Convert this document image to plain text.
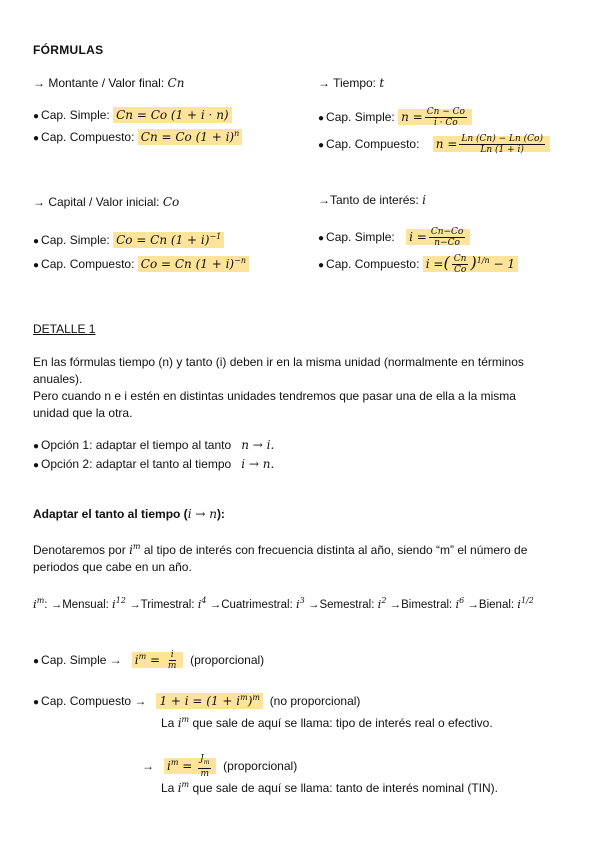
FÓRMULAS
→ Montante / Valor final: Cn
● Cap. Simple: Cn = Co (1 + i · n)
● Cap. Compuesto: Cn = Co $(1 + i)^n$
→ Tiempo: t
● Cap. Simple: $n = \frac{Cn - Co}{i \cdot Co}$
● Cap. Compuesto: $n = \frac{Ln (Cn) - Ln (Co)}{Ln (1 + i)}$
→ Capital / Valor inicial: Co
● Cap. Simple: Co = Cn $(1 + i)^{-1}$
● Cap. Compuesto: Co = Cn $(1 + i)^{-n}$
→Tanto de interés: i
● Cap. Simple: $i = \frac{Cn-Co}{n-Co}$
● Cap. Compuesto: i =( $\frac{Cn}{Co} )^{1/n} - 1$
DETALLE 1
En las fórmulas tiempo (n) y tanto (i) deben ir en la misma unidad (normalmente en términos anuales).
Pero cuando n e i estén en distintas unidades tendremos que pasar una de ella a la misma unidad que la otra.
● Opción 1: adaptar el tiempo al tanto n → i.
● Opción 2: adaptar el tanto al tiempo i → n.
Adaptar el tanto al tiempo (i → n):
Denotaremos por $i^m$ al tipo de interés con frecuencia distinta al año, siendo “m” el número de periodos que cabe en un año.
$i^m$: →Mensual: $i^{12}$ →Trimestral: $i^4$ →Cuatrimestral: $i^3$ →Semestral: $i^2$ →Bimestral: $i^6$ →Bienal: $i^{1/2}$
● Cap. Simple → $i^m = \frac{i}{m}$ (proporcional)
● Cap. Compuesto → $1 + i = (1 + i^m)^m$ (no proporcional)
La $i^m$ que sale de aquí se llama: tipo de interés real o efectivo.
→ $i^m = \frac{J_m}{m}$ (proporcional)
La $i^m$ que sale de aquí se llama: tanto de interés nominal (TIN).
